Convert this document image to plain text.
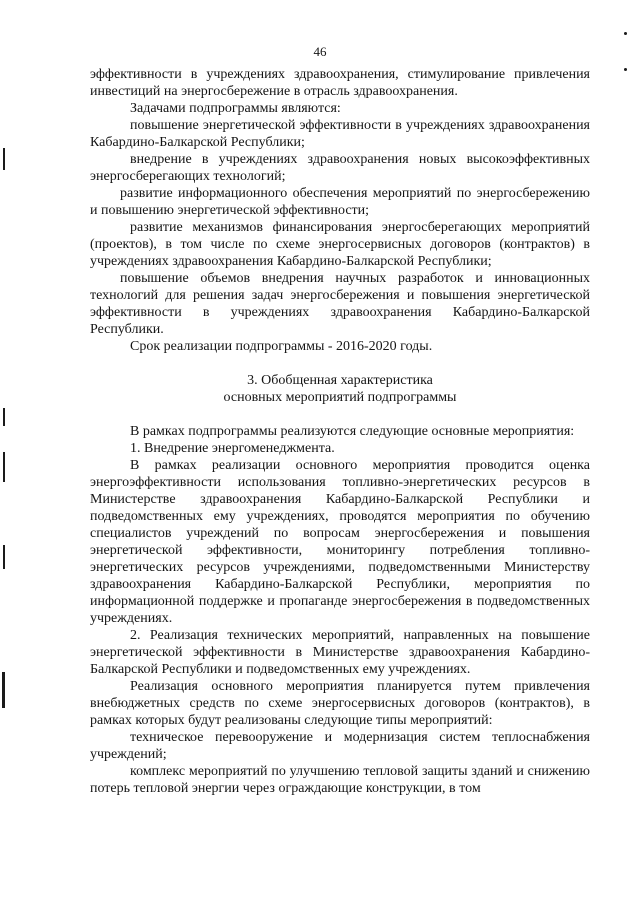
46

эффективности в учреждениях здравоохранения, стимулирование привлечения инвестиций на энергосбережение в отрасль здравоохранения.

Задачами подпрограммы являются:

повышение энергетической эффективности в учреждениях здравоохранения Кабардино-Балкарской Республики;

внедрение в учреждениях здравоохранения новых высокоэффективных энергосберегающих технологий;

развитие информационного обеспечения мероприятий по энергосбережению и повышению энергетической эффективности;

развитие механизмов финансирования энергосберегающих мероприятий (проектов), в том числе по схеме энергосервисных договоров (контрактов) в учреждениях здравоохранения Кабардино-Балкарской Республики;

повышение объемов внедрения научных разработок и инновационных технологий для решения задач энергосбережения и повышения энергетической эффективности в учреждениях здравоохранения Кабардино-Балкарской Республики.

Срок реализации подпрограммы - 2016-2020 годы.

3. Обобщенная характеристика
основных мероприятий подпрограммы

В рамках подпрограммы реализуются следующие основные мероприятия:

1. Внедрение энергоменеджмента.

В рамках реализации основного мероприятия проводится оценка энергоэффективности использования топливно-энергетических ресурсов в Министерстве здравоохранения Кабардино-Балкарской Республики и подведомственных ему учреждениях, проводятся мероприятия по обучению специалистов учреждений по вопросам энергосбережения и повышения энергетической эффективности, мониторингу потребления топливно-энергетических ресурсов учреждениями, подведомственными Министерству здравоохранения Кабардино-Балкарской Республики, мероприятия по информационной поддержке и пропаганде энергосбережения в подведомственных учреждениях.

2. Реализация технических мероприятий, направленных на повышение энергетической эффективности в Министерстве здравоохранения Кабардино-Балкарской Республики и подведомственных ему учреждениях.

Реализация основного мероприятия планируется путем привлечения внебюджетных средств по схеме энергосервисных договоров (контрактов), в рамках которых будут реализованы следующие типы мероприятий:

техническое перевооружение и модернизация систем теплоснабжения учреждений;

комплекс мероприятий по улучшению тепловой защиты зданий и снижению потерь тепловой энергии через ограждающие конструкции, в том
